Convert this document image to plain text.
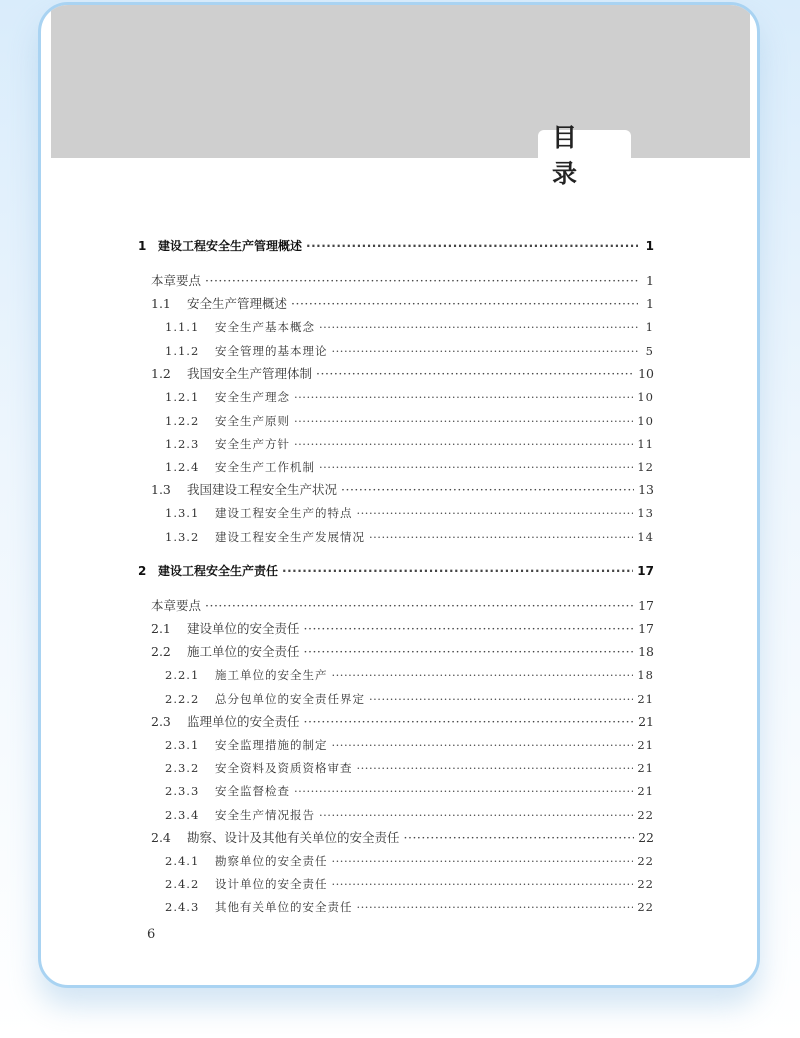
目录
1 建设工程安全生产管理概述 ·····	1
本章要点 ·····	1
1.1	安全生产管理概述 ·····	1
1.1.1	安全生产基本概念 ·····	1
1.1.2	安全管理的基本理论 ·····	5
1.2	我国安全生产管理体制 ·····	10
1.2.1	安全生产理念 ·····	10
1.2.2	安全生产原则 ·····	10
1.2.3	安全生产方针 ·····	11
1.2.4	安全生产工作机制 ·····	12
1.3	我国建设工程安全生产状况 ·····	13
1.3.1	建设工程安全生产的特点 ·····	13
1.3.2	建设工程安全生产发展情况 ·····	14
2 建设工程安全生产责任 ·····	17
本章要点 ·····	17
2.1	建设单位的安全责任 ·····	17
2.2	施工单位的安全责任 ·····	18
2.2.1	施工单位的安全生产 ·····	18
2.2.2	总分包单位的安全责任界定 ·····	21
2.3	监理单位的安全责任 ·····	21
2.3.1	安全监理措施的制定 ·····	21
2.3.2	安全资料及资质资格审查 ·····	21
2.3.3	安全监督检查 ·····	21
2.3.4	安全生产情况报告 ·····	22
2.4	勘察、设计及其他有关单位的安全责任 ·····	22
2.4.1	勘察单位的安全责任 ·····	22
2.4.2	设计单位的安全责任 ·····	22
2.4.3	其他有关单位的安全责任 ·····	22
6
